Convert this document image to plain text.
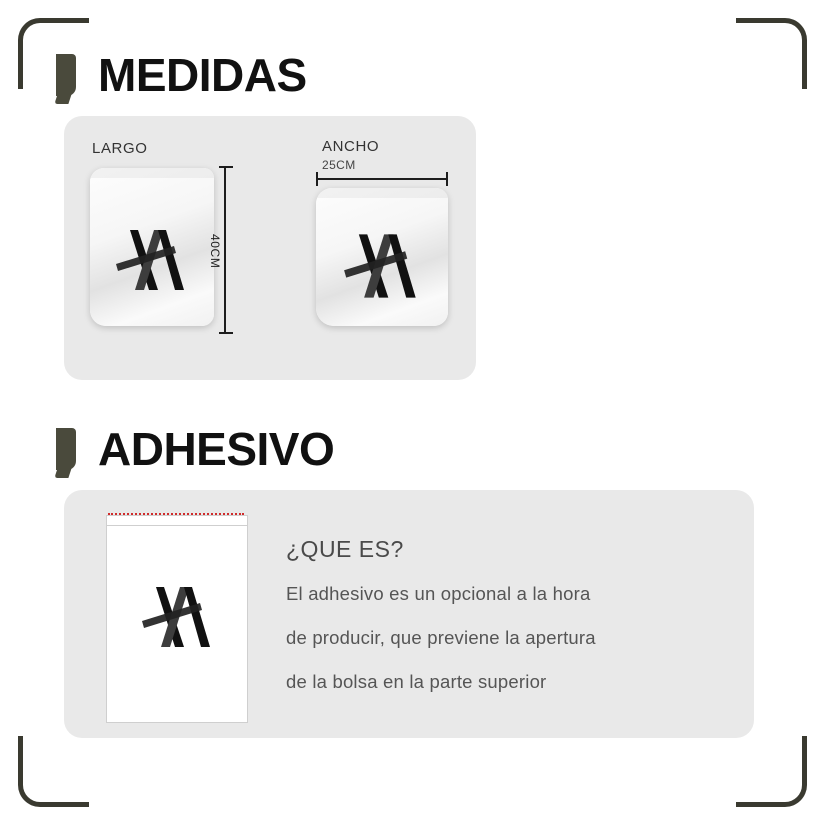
MEDIDAS
LARGO	ANCHO
25CM
40CM
ADHESIVO
¿QUE ES?
El adhesivo es un opcional a la hora
de producir, que previene la apertura
de la bolsa en la parte superior
